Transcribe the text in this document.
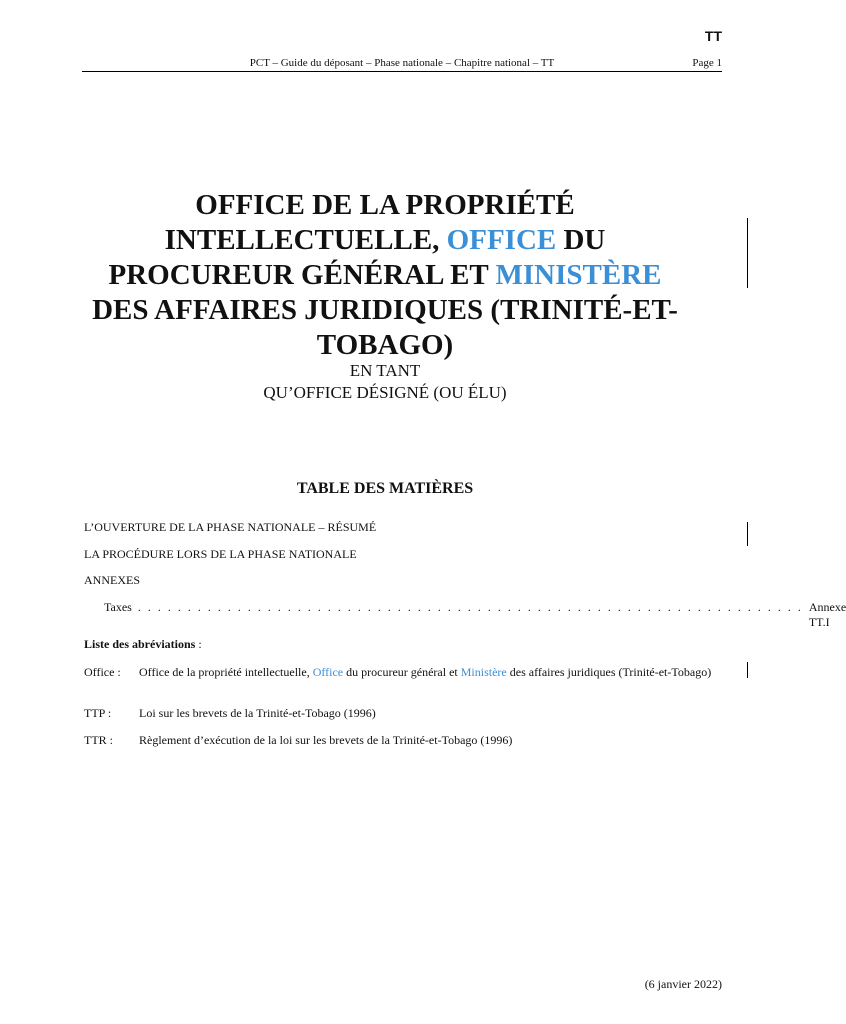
TT
PCT – Guide du déposant – Phase nationale – Chapitre national – TT	Page 1
OFFICE DE LA PROPRIÉTÉ
INTELLECTUELLE, OFFICE DU
PROCUREUR GÉNÉRAL ET MINISTÈRE
DES AFFAIRES JURIDIQUES (TRINITÉ-ET-
TOBAGO)
EN TANT
QU’OFFICE DÉSIGNÉ (OU ÉLU)
TABLE DES MATIÈRES
L’OUVERTURE DE LA PHASE NATIONALE – RÉSUMÉ
LA PROCÉDURE LORS DE LA PHASE NATIONALE
ANNEXES
Taxes . . . . . . . . . . . . . . . . . . . . . . . . . . . . . . . . . . . . . . . . . . . . . . . . . . . . . . . . . . . . . . . . . . . Annexe TT.I
Liste des abréviations :
Office :	Office de la propriété intellectuelle, Office du procureur général et Ministère des affaires juridiques (Trinité-et-Tobago)
TTP :	Loi sur les brevets de la Trinité-et-Tobago (1996)
TTR :	Règlement d’exécution de la loi sur les brevets de la Trinité-et-Tobago (1996)
(6 janvier 2022)
